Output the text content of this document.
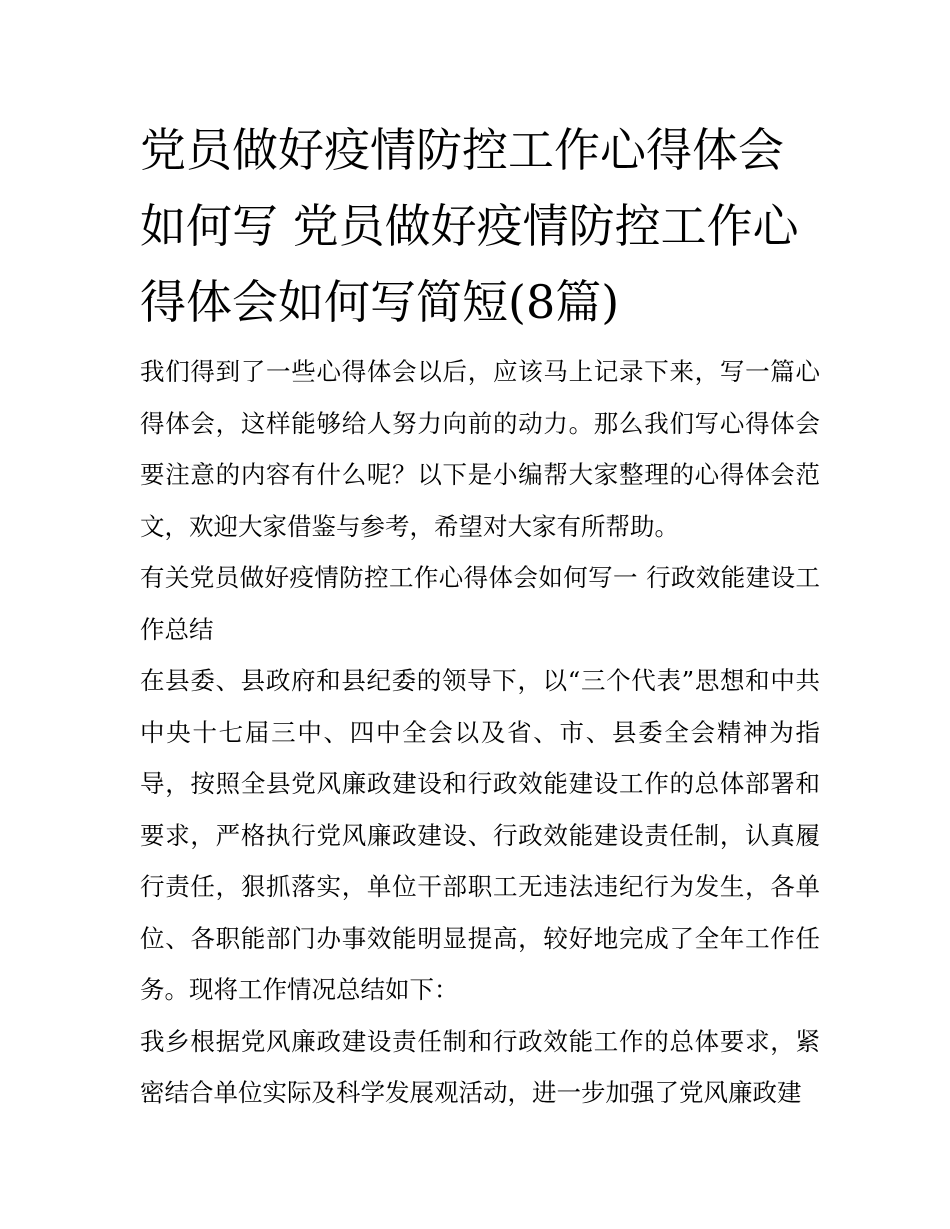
党员做好疫情防控工作心得体会如何写 党员做好疫情防控工作心得体会如何写简短(8篇)

我们得到了一些心得体会以后，应该马上记录下来，写一篇心得体会，这样能够给人努力向前的动力。那么我们写心得体会要注意的内容有什么呢？以下是小编帮大家整理的心得体会范文，欢迎大家借鉴与参考，希望对大家有所帮助。

有关党员做好疫情防控工作心得体会如何写一 行政效能建设工作总结

在县委、县政府和县纪委的领导下，以“三个代表”思想和中共中央十七届三中、四中全会以及省、市、县委全会精神为指导，按照全县党风廉政建设和行政效能建设工作的总体部署和要求，严格执行党风廉政建设、行政效能建设责任制，认真履行责任，狠抓落实，单位干部职工无违法违纪行为发生，各单位、各职能部门办事效能明显提高，较好地完成了全年工作任务。现将工作情况总结如下：

我乡根据党风廉政建设责任制和行政效能工作的总体要求，紧密结合单位实际及科学发展观活动，进一步加强了党风廉政建
